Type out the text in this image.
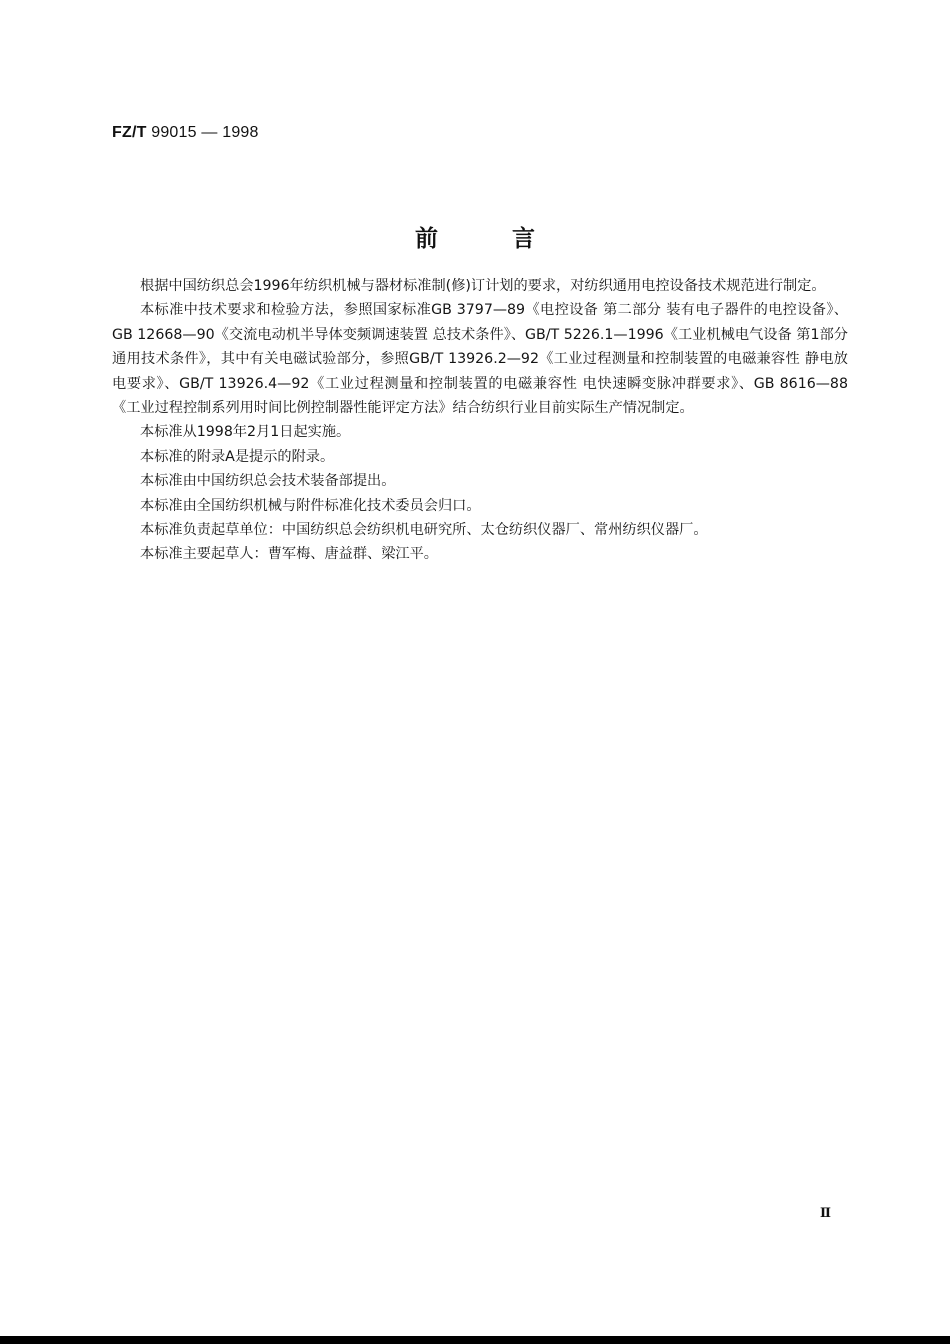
FZ/T 99015 — 1998
前言

根据中国纺织总会1996年纺织机械与器材标准制(修)订计划的要求，对纺织通用电控设备技术规范进行制定。

本标准中技术要求和检验方法，参照国家标准GB 3797—89《电控设备 第二部分 装有电子器件的电控设备》、GB 12668—90《交流电动机半导体变频调速装置 总技术条件》、GB/T 5226.1—1996《工业机械电气设备 第1部分 通用技术条件》，其中有关电磁试验部分，参照GB/T 13926.2—92《工业过程测量和控制装置的电磁兼容性 静电放电要求》、GB/T 13926.4—92《工业过程测量和控制装置的电磁兼容性 电快速瞬变脉冲群要求》、GB 8616—88《工业过程控制系列用时间比例控制器性能评定方法》结合纺织行业目前实际生产情况制定。

本标准从1998年2月1日起实施。

本标准的附录A是提示的附录。

本标准由中国纺织总会技术装备部提出。

本标准由全国纺织机械与附件标准化技术委员会归口。

本标准负责起草单位：中国纺织总会纺织机电研究所、太仓纺织仪器厂、常州纺织仪器厂。

本标准主要起草人：曹军梅、唐益群、梁江平。

Ⅱ
